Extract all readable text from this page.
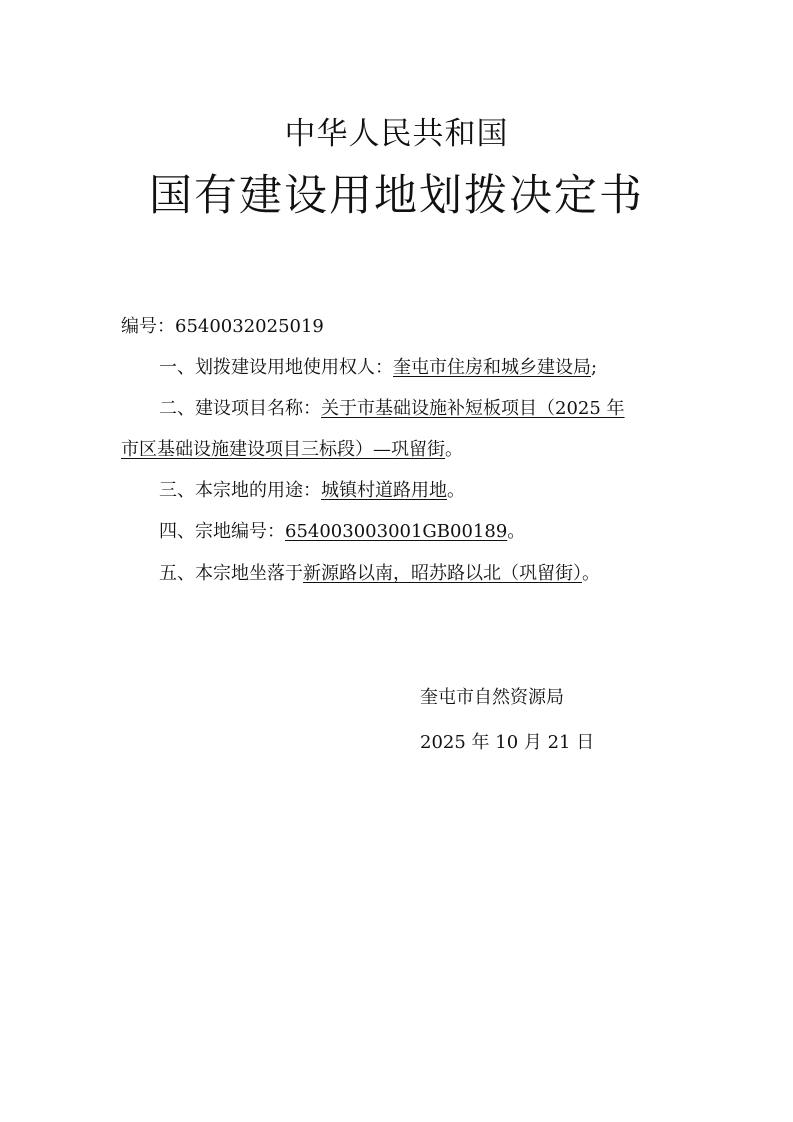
中华人民共和国
国有建设用地划拨决定书
编号：6540032025019
一、划拨建设用地使用权人：奎屯市住房和城乡建设局;
二、建设项目名称：关于市基础设施补短板项目（2025 年
市区基础设施建设项目三标段）—巩留街。
三、本宗地的用途：城镇村道路用地。
四、宗地编号：654003003001GB00189。
五、本宗地坐落于新源路以南，昭苏路以北（巩留街）。
奎屯市自然资源局
2025 年 10 月 21 日
